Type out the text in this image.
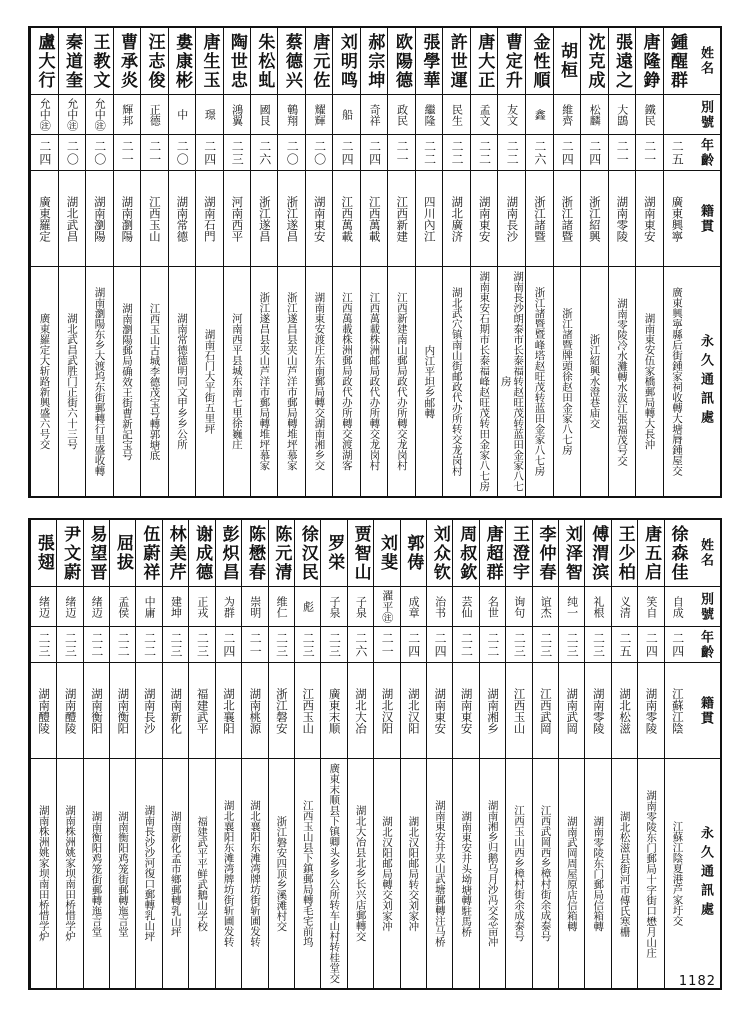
姓名
別號
年齡
籍貫
永久通訊處
鍾醒群
二五
廣東興寧
廣東興寧縣后街鍾家祠收轉大塘脣鍾屋交
唐隆錚
鐵民
二一
湖南東安
湖南東安伍家橋郵局轉大長沖
張遠之
大鵾
二一
湖南零陵
湖南零陵冷水灘轉水汲江張福茂号交
沈克成
松麟
二四
浙江紹興
浙江紹興水澄巷庙交
胡桓
維齊
二四
浙江諸暨
浙江諸暨牌頭徐赵田金家八七房
金性順
鑫
二六
浙江諸暨
浙江諸暨暨峰塔赵旺茂转蓝田金家八七房
曹定升
友文
二二
湖南長沙
湖南長沙朗泰市长泰福转赵旺茂转蓝田金家八七房
唐大正
孟文
二二
湖南東安
湖南東安石期市长泰福峰赵旺茂转田金家八七房
許世運
民生
二二
湖北廣济
湖北武穴镇南山街邮政代办所转交龙岗村
張學華
繼隆
二二
四川內江
内江平坦乡邮轉
欧陽德
政民
二一
江西新建
江西新建南山郵局政代办所轉交龙岗村
郝宗坤
奇祥
二四
江西萬載
江西萬載株洲邮局政代办所轉交龙岗村
刘明鸣
船
二四
江西萬載
江西萬載株洲郵局政代办所轉交渡湖客
唐元佐
耀輝
二〇
湖南東安
湖南東安渡庄东南郵局轉交湖南湘乡交
蔡德兴
鵪翔
二〇
浙江遂昌
浙江遂昌县夹山芦洋市郵局轉堆坪慕家
朱松虬
國艮
二六
浙江遂昌
浙江遂昌县夹山芦洋市郵局轉堆坪慕家
陶世忠
鴻翼
二三
河南西平
河南西平县城东南七里徐巍庄
唐生玉
璟
二四
湖南石門
湖南石门大平街五里坪
婁康彬
中
二〇
湖南常德
湖南常德德明同文甲乡乡公所
汪志俊
正德
二一
江西玉山
江西玉山古城李德茂宝号轉郭塘底
曹承炎
輝邦
二一
湖南瀏陽
湖南瀏陽郵局确效王街曹新記宝号
王教文
允中㊟
二〇
湖南瀏陽
湖南瀏陽东乡大渡坞东街郵轉行里盛收轉
秦道奎
允中㊟
二〇
湖北武昌
湖北武昌武胜门正街六十三号
盧大行
允中㊟
二四
廣東羅定
廣東羅定大斩路新興盛六号交
姓名
別號
年齡
籍貫
永久通訊處
徐森佳
自成
二四
江蘇江陰
江蘇江陰夏港芦家圩交
唐五启
笑自
二四
湖南零陵
湖南零陵东门郵局十字街口懋月山庄
王少柏
义清
二五
湖北松滋
湖北松滋县街河市傅氏寒栅
傅渭滨
礼根
二三
湖南零陵
湖南零陵东门郵局信箱轉
刘泽智
纯一
二三
湖南武岡
湖南武岡周屋原店信箱轉
李仲春
谊杰
二三
江西武岡
江西武岡西乡樟村街余成泰号
王澄宇
询句
二三
江西玉山
江西玉山西乡樟村街余成泰号
唐超群
名世
二二
湖南湘乡
湖南湘乡归鹅乌月沙冯交念亩冲
周叔欽
芸仙
二二
湖南東安
湖南東安井头坳塘轉駐馬桥
刘众钦
治书
二四
湖南東安
湖南東安井夹山武塘郵轉注马桥
郭俦
成章
二四
湖北汉阳
湖北汉阳邮局转交刘家冲
刘斐
濯平㊟
二一
湖北汉阳
湖北汉阳邮局轉交刘家冲
贾智山
子泉
二六
湖北大冶
湖北大冶县北乡长兴店郵轉交
罗栄
子泉
二三
廣東末顺
廣東末顺县下镇卿头乡乡公所转车山村转桂堂交
徐汉民
彪
二三
江西玉山
江西玉山县下鎮郵局轉毛宅前坞
陈元清
维仁
二三
浙江磐安
浙江磐安四顶乡溪滩村交
陈懋春
崇明
二一
湖南桃源
湖北襄阳东滩湾牌坊街斩圃发转
彭炽昌
为群
二四
湖北襄阳
湖北襄阳东滩湾牌坊街斩圃发转
谢成德
正戎
二三
福建武平
福建武平平鲜武鵝山学校
林美芹
建坤
二三
湖南新化
湖南新化孟市鄉郵轉乳山坪
伍蔚祥
中庸
二二
湖南長沙
湖南長沙沙河復口郵轉乳山坪
屈拔
孟侯
二二
湖南衡阳
湖南衡阳鸡笼街郵轉迤言堂
易望晋
绪迈
二二
湖南衡阳
湖南衡阳鸡笼街郵轉迤言堂
尹文蔚
绪迈
二三
湖南醴陵
湖南株洲姚家坝南田桥惜学炉
張翅
绪迈
二三
湖南醴陵
湖南株洲姚家坝南田桥惜学炉
1182
